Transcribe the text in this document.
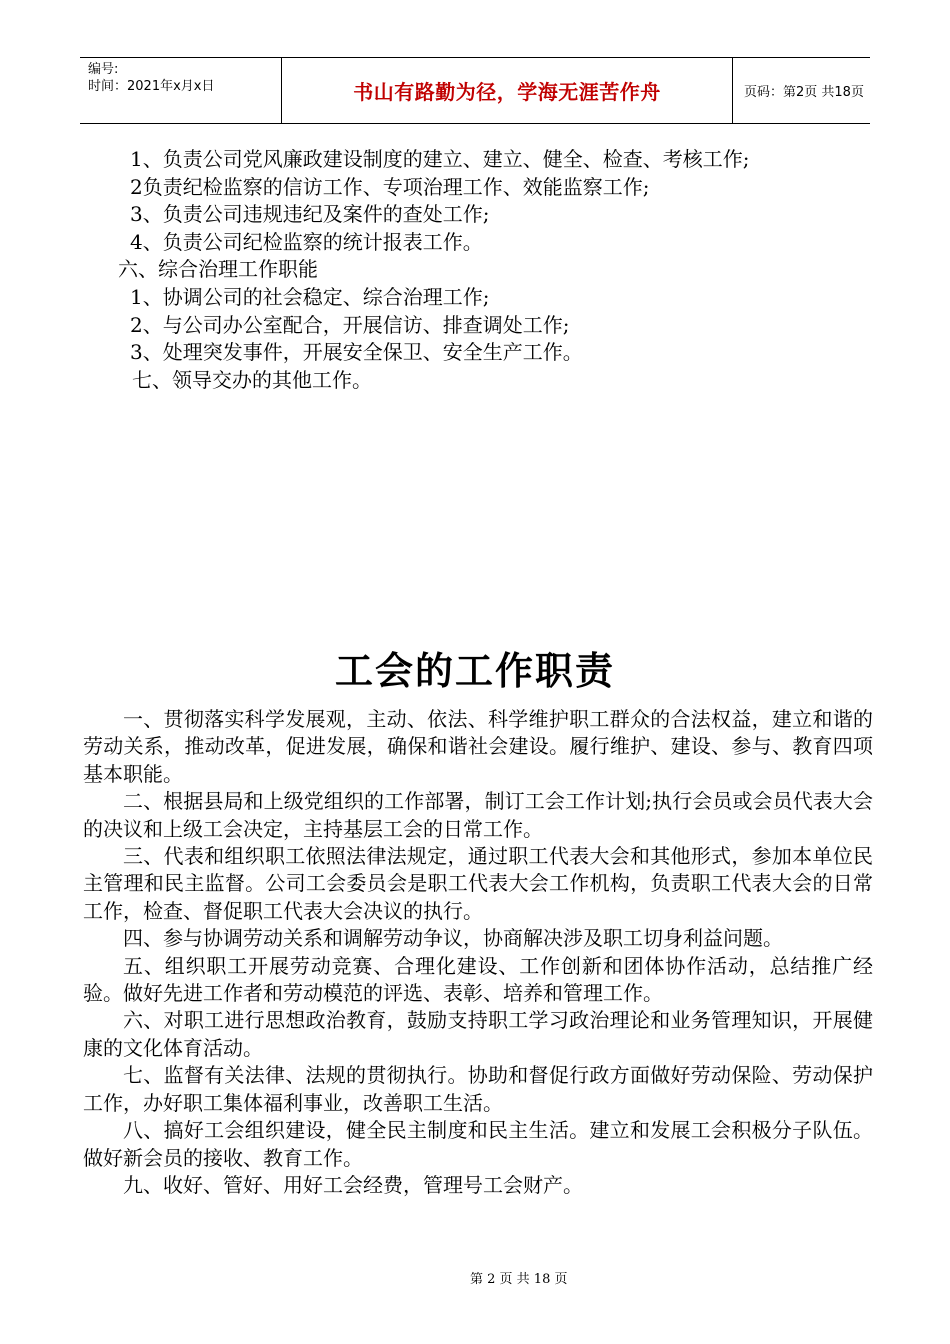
编号:
时间：2021年x月x日	书山有路勤为径，学海无涯苦作舟	页码：第2页 共18页

1、负责公司党风廉政建设制度的建立、建立、健全、检查、考核工作;

2负责纪检监察的信访工作、专项治理工作、效能监察工作;

3、负责公司违规违纪及案件的查处工作;

4、负责公司纪检监察的统计报表工作。

六、综合治理工作职能

1、协调公司的社会稳定、综合治理工作;

2、与公司办公室配合，开展信访、排查调处工作;

3、处理突发事件，开展安全保卫、安全生产工作。

七、领导交办的其他工作。

工会的工作职责

一、贯彻落实科学发展观，主动、依法、科学维护职工群众的合法权益，建立和谐的劳动关系，推动改革，促进发展，确保和谐社会建设。履行维护、建设、参与、教育四项基本职能。

二、根据县局和上级党组织的工作部署，制订工会工作计划;执行会员或会员代表大会的决议和上级工会决定，主持基层工会的日常工作。

三、代表和组织职工依照法律法规定，通过职工代表大会和其他形式，参加本单位民主管理和民主监督。公司工会委员会是职工代表大会工作机构，负责职工代表大会的日常工作，检查、督促职工代表大会决议的执行。

四、参与协调劳动关系和调解劳动争议，协商解决涉及职工切身利益问题。

五、组织职工开展劳动竞赛、合理化建设、工作创新和团体协作活动，总结推广经验。做好先进工作者和劳动模范的评选、表彰、培养和管理工作。

六、对职工进行思想政治教育，鼓励支持职工学习政治理论和业务管理知识，开展健康的文化体育活动。

七、监督有关法律、法规的贯彻执行。协助和督促行政方面做好劳动保险、劳动保护工作，办好职工集体福利事业，改善职工生活。

八、搞好工会组织建设，健全民主制度和民主生活。建立和发展工会积极分子队伍。做好新会员的接收、教育工作。

九、收好、管好、用好工会经费，管理号工会财产。

第 2 页 共 18 页
